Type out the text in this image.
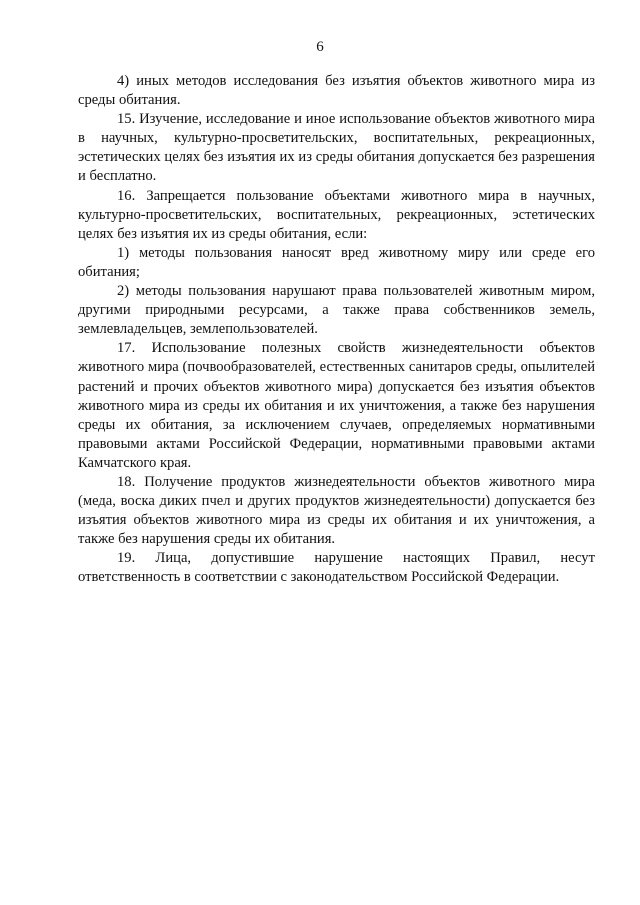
6

4) иных методов исследования без изъятия объектов животного мира из среды обитания.

15. Изучение, исследование и иное использование объектов животного мира в научных, культурно-просветительских, воспитательных, рекреационных, эстетических целях без изъятия их из среды обитания допускается без разрешения и бесплатно.

16. Запрещается пользование объектами животного мира в научных, культурно-просветительских, воспитательных, рекреационных, эстетических целях без изъятия их из среды обитания, если:

1) методы пользования наносят вред животному миру или среде его обитания;

2) методы пользования нарушают права пользователей животным миром, другими природными ресурсами, а также права собственников земель, землевладельцев, землепользователей.

17. Использование полезных свойств жизнедеятельности объектов животного мира (почвообразователей, естественных санитаров среды, опылителей растений и прочих объектов животного мира) допускается без изъятия объектов животного мира из среды их обитания и их уничтожения, а также без нарушения среды их обитания, за исключением случаев, определяемых нормативными правовыми актами Российской Федерации, нормативными правовыми актами Камчатского края.

18. Получение продуктов жизнедеятельности объектов животного мира (меда, воска диких пчел и других продуктов жизнедеятельности) допускается без изъятия объектов животного мира из среды их обитания и их уничтожения, а также без нарушения среды их обитания.

19. Лица, допустившие нарушение настоящих Правил, несут ответственность в соответствии с законодательством Российской Федерации.
